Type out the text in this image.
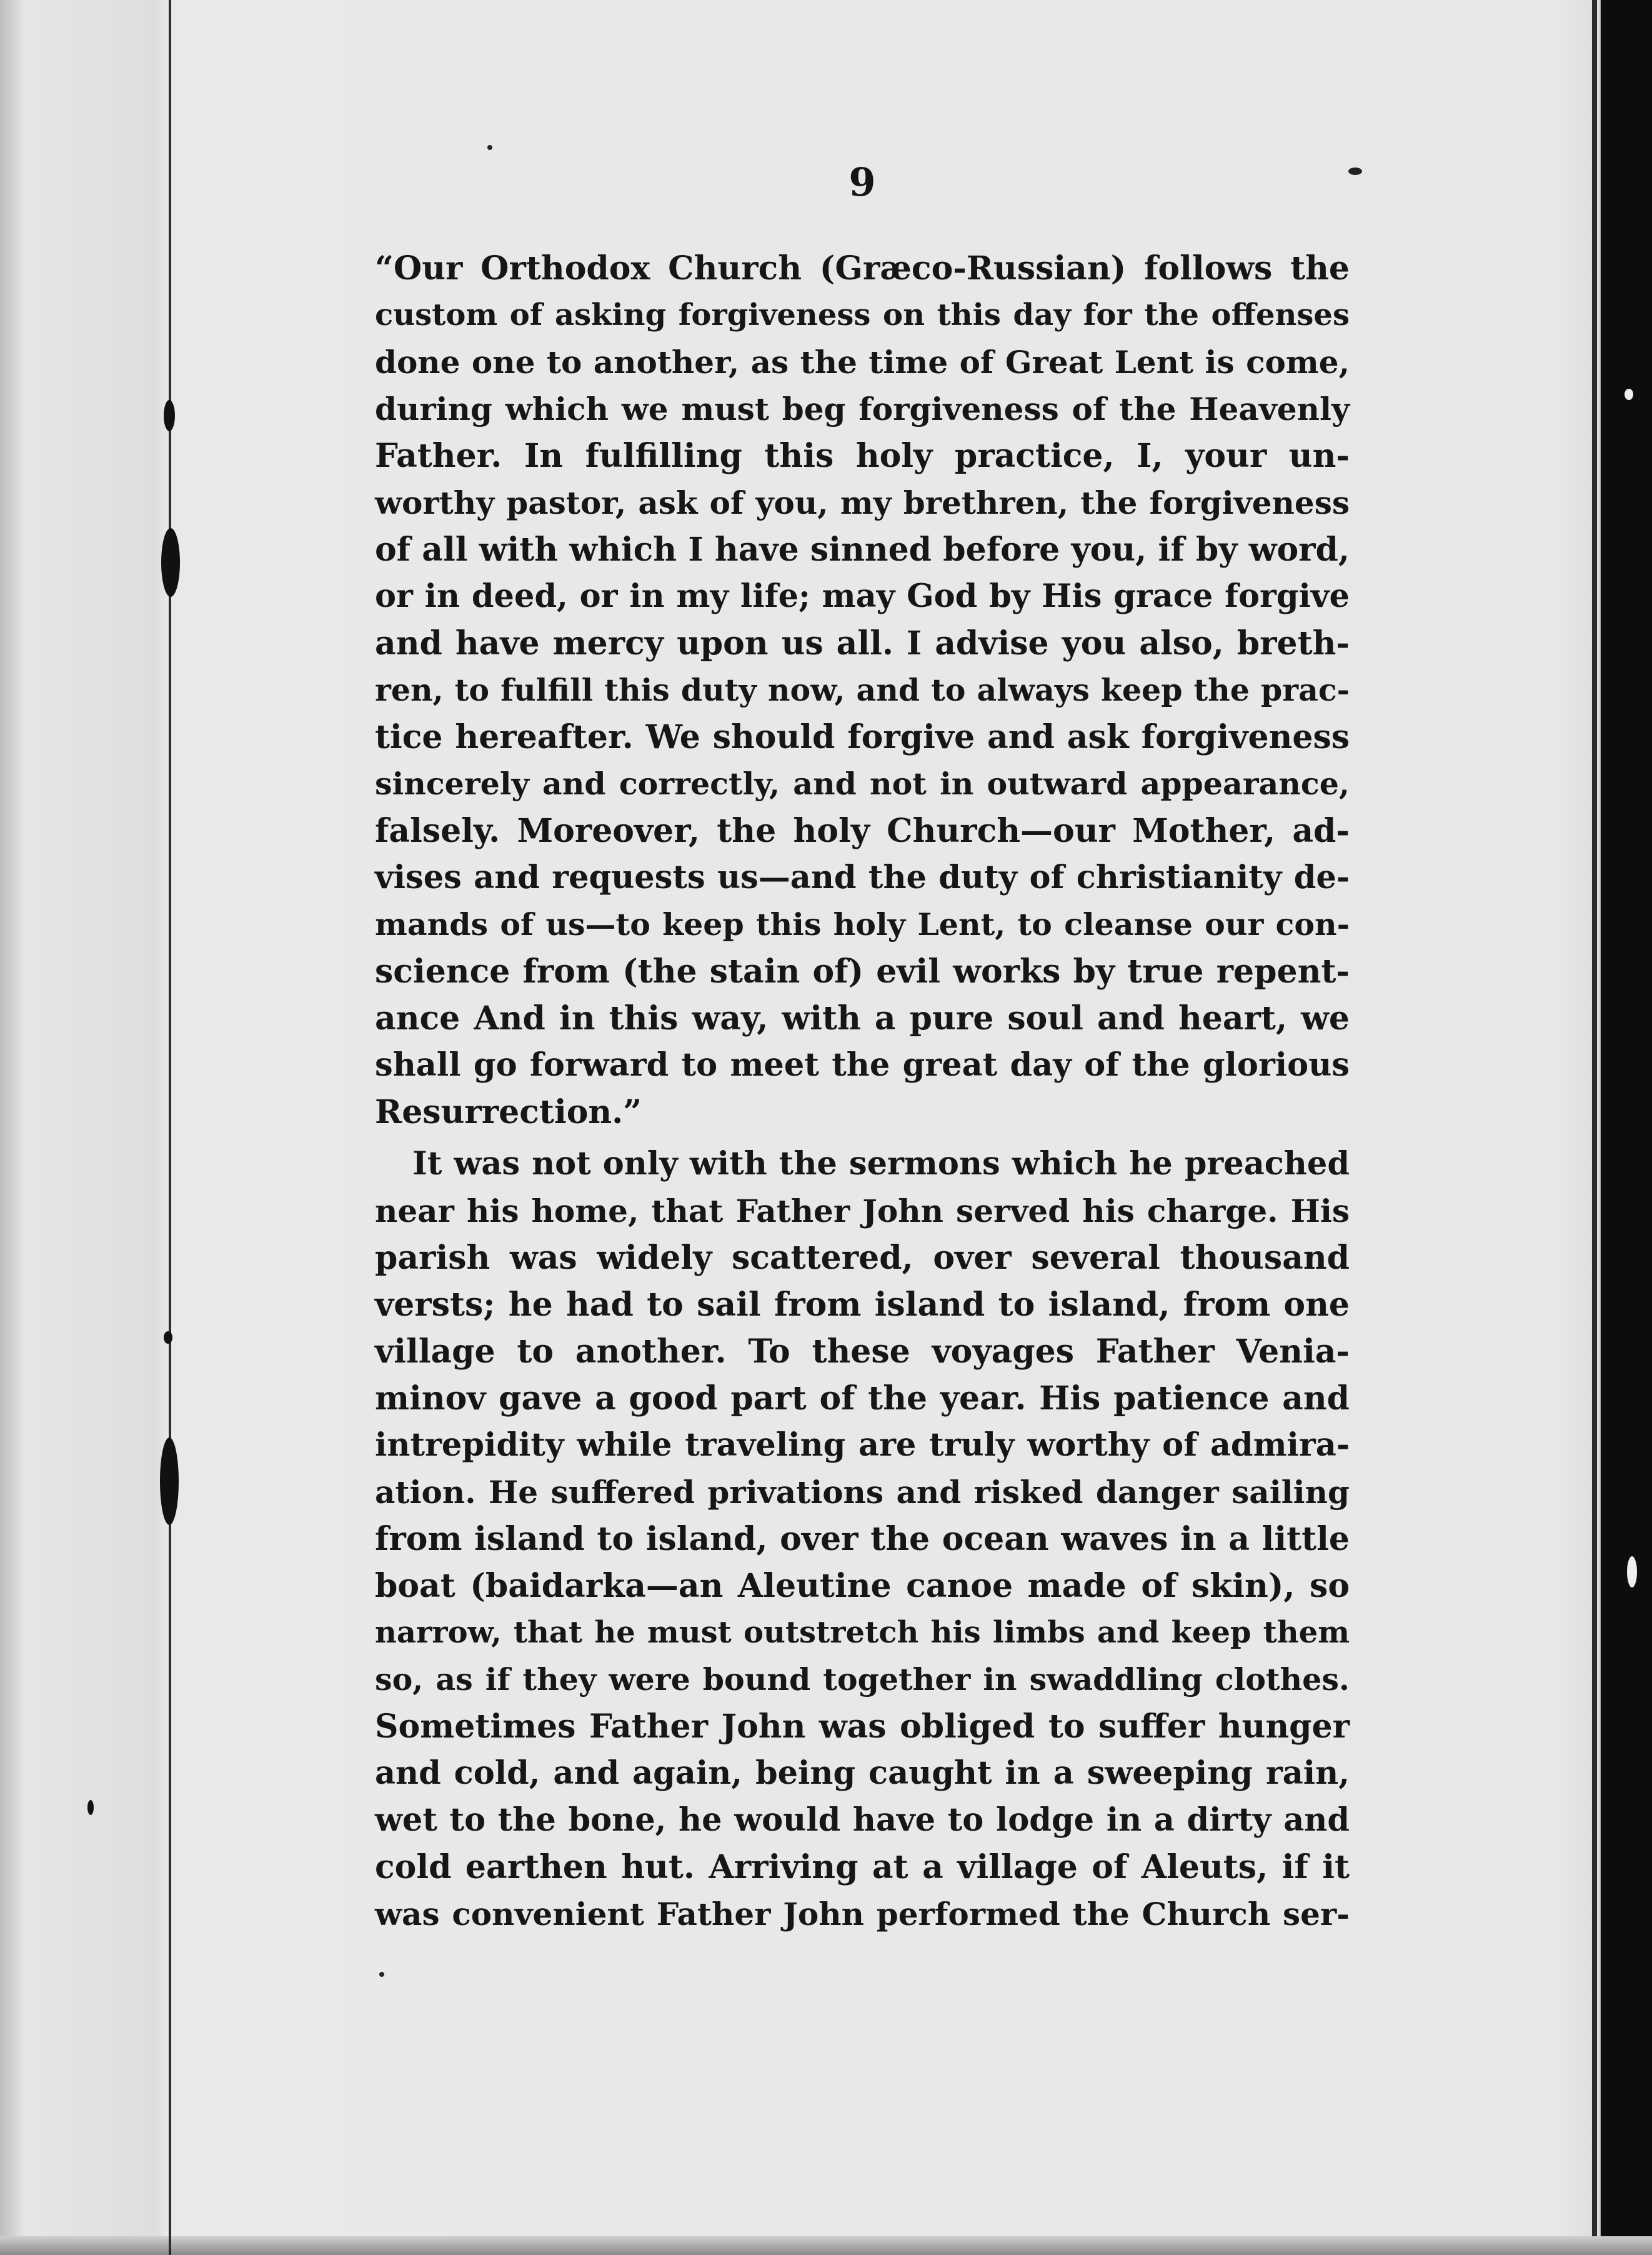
9
“Our Orthodox Church (Græco-Russian) follows the
custom of asking forgiveness on this day for the offenses
done one to another, as the time of Great Lent is come,
during which we must beg forgiveness of the Heavenly
Father. In fulfilling this holy practice, I, your un-
worthy pastor, ask of you, my brethren, the forgiveness
of all with which I have sinned before you, if by word,
or in deed, or in my life; may God by His grace forgive
and have mercy upon us all. I advise you also, breth-
ren, to fulfill this duty now, and to always keep the prac-
tice hereafter. We should forgive and ask forgiveness
sincerely and correctly, and not in outward appearance,
falsely. Moreover, the holy Church—our Mother, ad-
vises and requests us—and the duty of christianity de-
mands of us—to keep this holy Lent, to cleanse our con-
science from (the stain of) evil works by true repent-
ance And in this way, with a pure soul and heart, we
shall go forward to meet the great day of the glorious
Resurrection.”
It was not only with the sermons which he preached
near his home, that Father John served his charge. His
parish was widely scattered, over several thousand
versts; he had to sail from island to island, from one
village to another. To these voyages Father Venia-
minov gave a good part of the year. His patience and
intrepidity while traveling are truly worthy of admira-
ation. He suffered privations and risked danger sailing
from island to island, over the ocean waves in a little
boat (baidarka—an Aleutine canoe made of skin), so
narrow, that he must outstretch his limbs and keep them
so, as if they were bound together in swaddling clothes.
Sometimes Father John was obliged to suffer hunger
and cold, and again, being caught in a sweeping rain,
wet to the bone, he would have to lodge in a dirty and
cold earthen hut. Arriving at a village of Aleuts, if it
was convenient Father John performed the Church ser-
